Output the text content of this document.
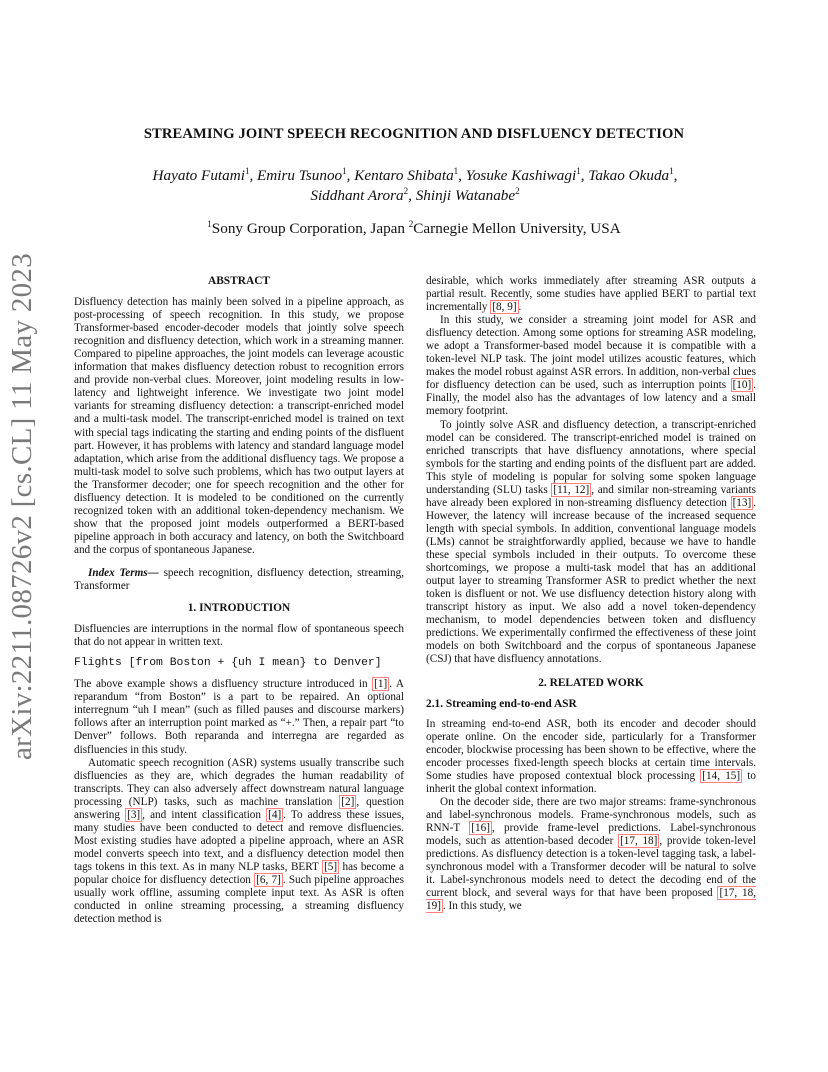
arXiv:2211.08726v2 [cs.CL] 11 May 2023
STREAMING JOINT SPEECH RECOGNITION AND DISFLUENCY DETECTION
Hayato Futami$^1$, Emiru Tsunoo$^1$, Kentaro Shibata$^1$, Yosuke Kashiwagi$^1$, Takao Okuda$^1$,
Siddhant Arora$^2$, Shinji Watanabe$^2$
$^1$Sony Group Corporation, Japan $^2$Carnegie Mellon University, USA
ABSTRACT

Disfluency detection has mainly been solved in a pipeline approach, as post-processing of speech recognition. In this study, we propose Transformer-based encoder-decoder models that jointly solve speech recognition and disfluency detection, which work in a streaming manner. Compared to pipeline approaches, the joint models can leverage acoustic information that makes disfluency detection robust to recognition errors and provide non-verbal clues. Moreover, joint modeling results in low-latency and lightweight inference. We investigate two joint model variants for streaming disfluency detection: a transcript-enriched model and a multi-task model. The transcript-enriched model is trained on text with special tags indicating the starting and ending points of the disfluent part. However, it has problems with latency and standard language model adaptation, which arise from the additional disfluency tags. We propose a multi-task model to solve such problems, which has two output layers at the Transformer decoder; one for speech recognition and the other for disfluency detection. It is modeled to be conditioned on the currently recognized token with an additional token-dependency mechanism. We show that the proposed joint models outperformed a BERT-based pipeline approach in both accuracy and latency, on both the Switchboard and the corpus of spontaneous Japanese.

Index Terms— speech recognition, disfluency detection, streaming, Transformer

1. INTRODUCTION

Disfluencies are interruptions in the normal flow of spontaneous speech that do not appear in written text.

Flights [from Boston + {uh I mean} to Denver]

The above example shows a disfluency structure introduced in [1] . A reparandum “from Boston” is a part to be repaired. An optional interregnum “uh I mean” (such as filled pauses and discourse markers) follows after an interruption point marked as “+.” Then, a repair part “to Denver” follows. Both reparanda and interregna are regarded as disfluencies in this study.

Automatic speech recognition (ASR) systems usually transcribe such disfluencies as they are, which degrades the human readability of transcripts. They can also adversely affect downstream natural language processing (NLP) tasks, such as machine translation [2] , question answering [3] , and intent classification [4] . To address these issues, many studies have been conducted to detect and remove disfluencies. Most existing studies have adopted a pipeline approach, where an ASR model converts speech into text, and a disfluency detection model then tags tokens in this text. As in many NLP tasks, BERT [5] has become a popular choice for disfluency detection [6, 7] . Such pipeline approaches usually work offline, assuming complete input text. As ASR is often conducted in online streaming processing, a streaming disfluency detection method is

desirable, which works immediately after streaming ASR outputs a partial result. Recently, some studies have applied BERT to partial text incrementally [8, 9] .

In this study, we consider a streaming joint model for ASR and disfluency detection. Among some options for streaming ASR modeling, we adopt a Transformer-based model because it is compatible with a token-level NLP task. The joint model utilizes acoustic features, which makes the model robust against ASR errors. In addition, non-verbal clues for disfluency detection can be used, such as interruption points [10] . Finally, the model also has the advantages of low latency and a small memory footprint.

To jointly solve ASR and disfluency detection, a transcript-enriched model can be considered. The transcript-enriched model is trained on enriched transcripts that have disfluency annotations, where special symbols for the starting and ending points of the disfluent part are added. This style of modeling is popular for solving some spoken language understanding (SLU) tasks [11, 12] , and similar non-streaming variants have already been explored in non-streaming disfluency detection [13] . However, the latency will increase because of the increased sequence length with special symbols. In addition, conventional language models (LMs) cannot be straightforwardly applied, because we have to handle these special symbols included in their outputs. To overcome these shortcomings, we propose a multi-task model that has an additional output layer to streaming Transformer ASR to predict whether the next token is disfluent or not. We use disfluency detection history along with transcript history as input. We also add a novel token-dependency mechanism, to model dependencies between token and disfluency predictions. We experimentally confirmed the effectiveness of these joint models on both Switchboard and the corpus of spontaneous Japanese (CSJ) that have disfluency annotations.

2. RELATED WORK
2.1. Streaming end-to-end ASR

In streaming end-to-end ASR, both its encoder and decoder should operate online. On the encoder side, particularly for a Transformer encoder, blockwise processing has been shown to be effective, where the encoder processes fixed-length speech blocks at certain time intervals. Some studies have proposed contextual block processing [14, 15] to inherit the global context information.

On the decoder side, there are two major streams: frame-synchronous and label-synchronous models. Frame-synchronous models, such as RNN-T [16] , provide frame-level predictions. Label-synchronous models, such as attention-based decoder [17, 18] , provide token-level predictions. As disfluency detection is a token-level tagging task, a label-synchronous model with a Transformer decoder will be natural to solve it. Label-synchronous models need to detect the decoding end of the current block, and several ways for that have been proposed [17, 18, 19] . In this study, we
